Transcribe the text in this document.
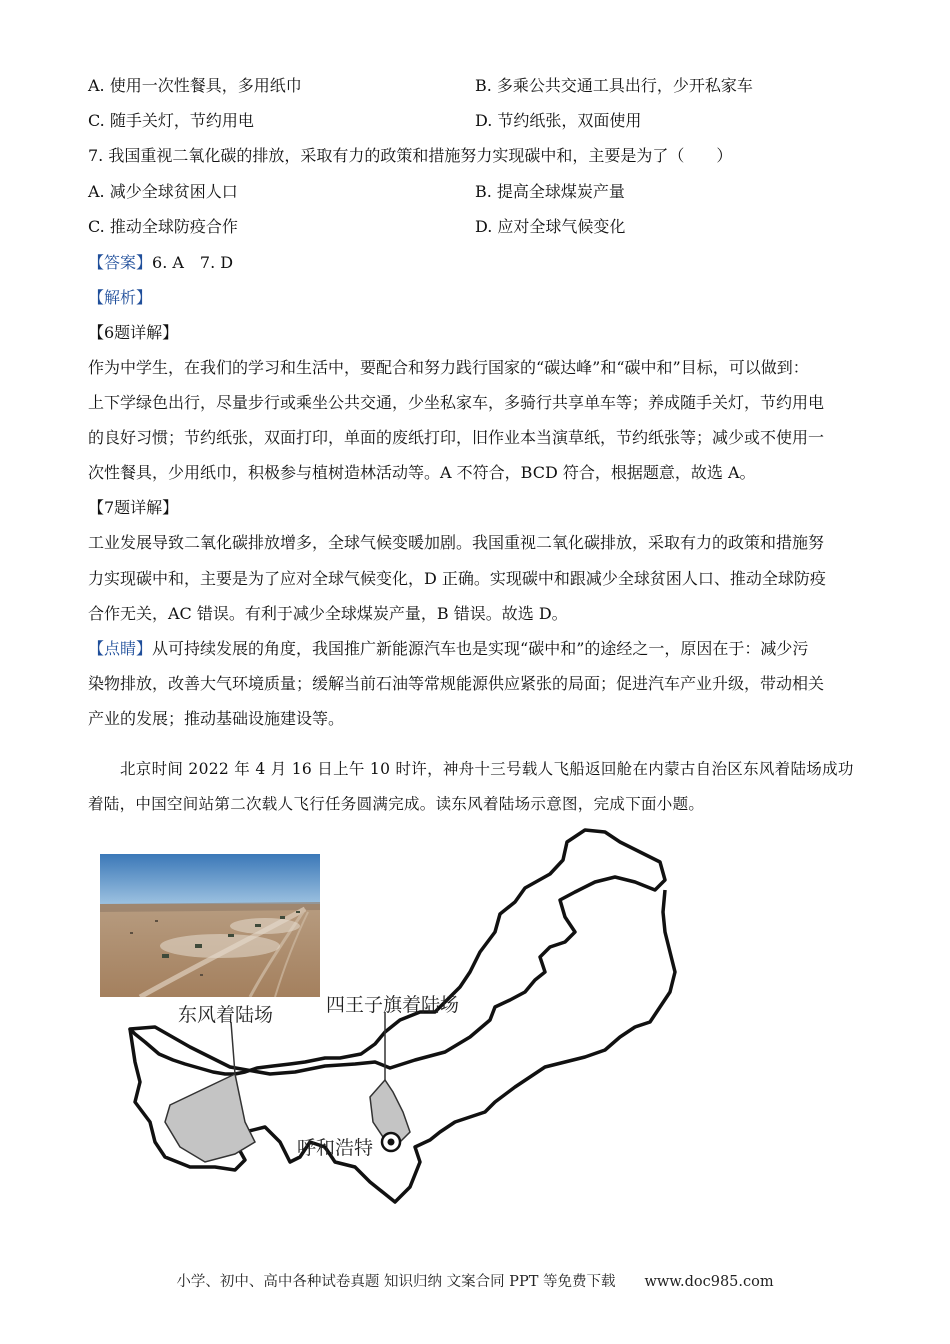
A. 使用一次性餐具，多用纸巾	B. 多乘公共交通工具出行，少开私家车
C. 随手关灯，节约用电	D. 节约纸张，双面使用
7. 我国重视二氧化碳的排放，采取有力的政策和措施努力实现碳中和，主要是为了（　　）
A. 减少全球贫困人口	B. 提高全球煤炭产量
C. 推动全球防疫合作	D. 应对全球气候变化
【答案】6. A　7. D
【解析】
【6题详解】
作为中学生，在我们的学习和生活中，要配合和努力践行国家的“碳达峰”和“碳中和”目标，可以做到：
上下学绿色出行，尽量步行或乘坐公共交通，少坐私家车，多骑行共享单车等；养成随手关灯，节约用电
的良好习惯；节约纸张，双面打印，单面的废纸打印，旧作业本当演草纸，节约纸张等；减少或不使用一
次性餐具，少用纸巾，积极参与植树造林活动等。A 不符合，BCD 符合，根据题意，故选 A。
【7题详解】
工业发展导致二氧化碳排放增多，全球气候变暖加剧。我国重视二氧化碳排放，采取有力的政策和措施努
力实现碳中和，主要是为了应对全球气候变化，D 正确。实现碳中和跟减少全球贫困人口、推动全球防疫
合作无关，AC 错误。有利于减少全球煤炭产量，B 错误。故选 D。
【点睛】从可持续发展的角度，我国推广新能源汽车也是实现“碳中和”的途经之一，原因在于：减少污
染物排放，改善大气环境质量；缓解当前石油等常规能源供应紧张的局面；促进汽车产业升级，带动相关
产业的发展；推动基础设施建设等。
北京时间 2022 年 4 月 16 日上午 10 时许，神舟十三号载人飞船返回舱在内蒙古自治区东风着陆场成功
着陆，中国空间站第二次载人飞行任务圆满完成。读东风着陆场示意图，完成下面小题。
东风着陆场	四王子旗着陆场
呼和浩特
小学、初中、高中各种试卷真题 知识归纳 文案合同 PPT 等免费下载　　www.doc985.com
